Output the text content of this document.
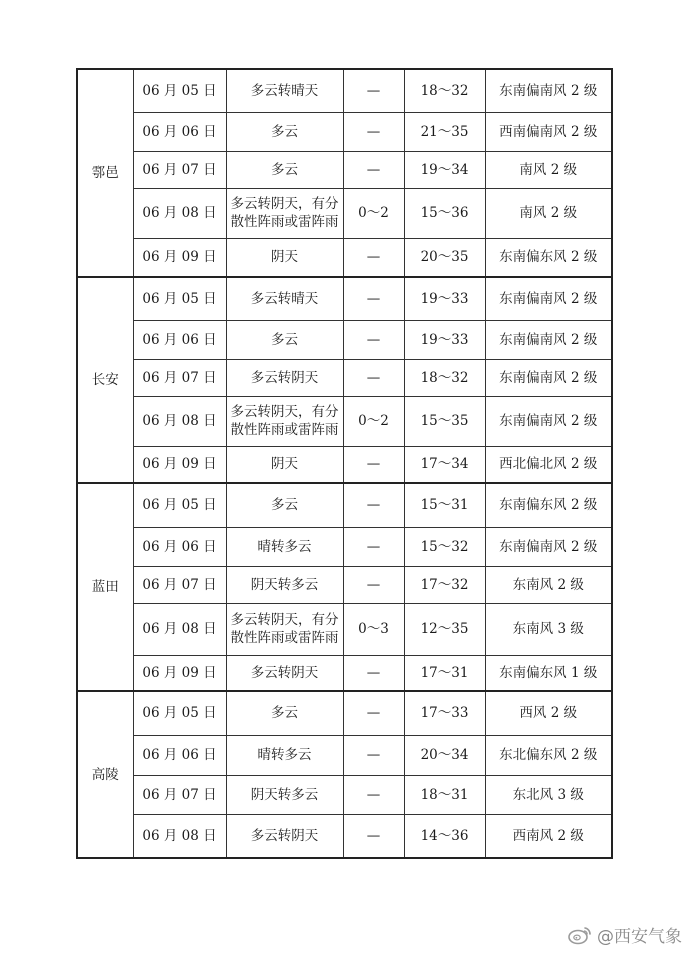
鄠邑	06 月 05 日	多云转晴天	—	18～32	东南偏南风 2 级
	06 月 06 日	多云	—	21～35	西南偏南风 2 级
	06 月 07 日	多云	—	19～34	南风 2 级
	06 月 08 日	多云转阴天，有分散性阵雨或雷阵雨	0～2	15～36	南风 2 级
	06 月 09 日	阴天	—	20～35	东南偏东风 2 级
长安	06 月 05 日	多云转晴天	—	19～33	东南偏南风 2 级
	06 月 06 日	多云	—	19～33	东南偏南风 2 级
	06 月 07 日	多云转阴天	—	18～32	东南偏南风 2 级
	06 月 08 日	多云转阴天，有分散性阵雨或雷阵雨	0～2	15～35	东南偏南风 2 级
	06 月 09 日	阴天	—	17～34	西北偏北风 2 级
蓝田	06 月 05 日	多云	—	15～31	东南偏东风 2 级
	06 月 06 日	晴转多云	—	15～32	东南偏南风 2 级
	06 月 07 日	阴天转多云	—	17～32	东南风 2 级
	06 月 08 日	多云转阴天，有分散性阵雨或雷阵雨	0～3	12～35	东南风 3 级
	06 月 09 日	多云转阴天	—	17～31	东南偏东风 1 级
高陵	06 月 05 日	多云	—	17～33	西风 2 级
	06 月 06 日	晴转多云	—	20～34	东北偏东风 2 级
	06 月 07 日	阴天转多云	—	18～31	东北风 3 级
	06 月 08 日	多云转阴天	—	14～36	西南风 2 级
@西安气象
